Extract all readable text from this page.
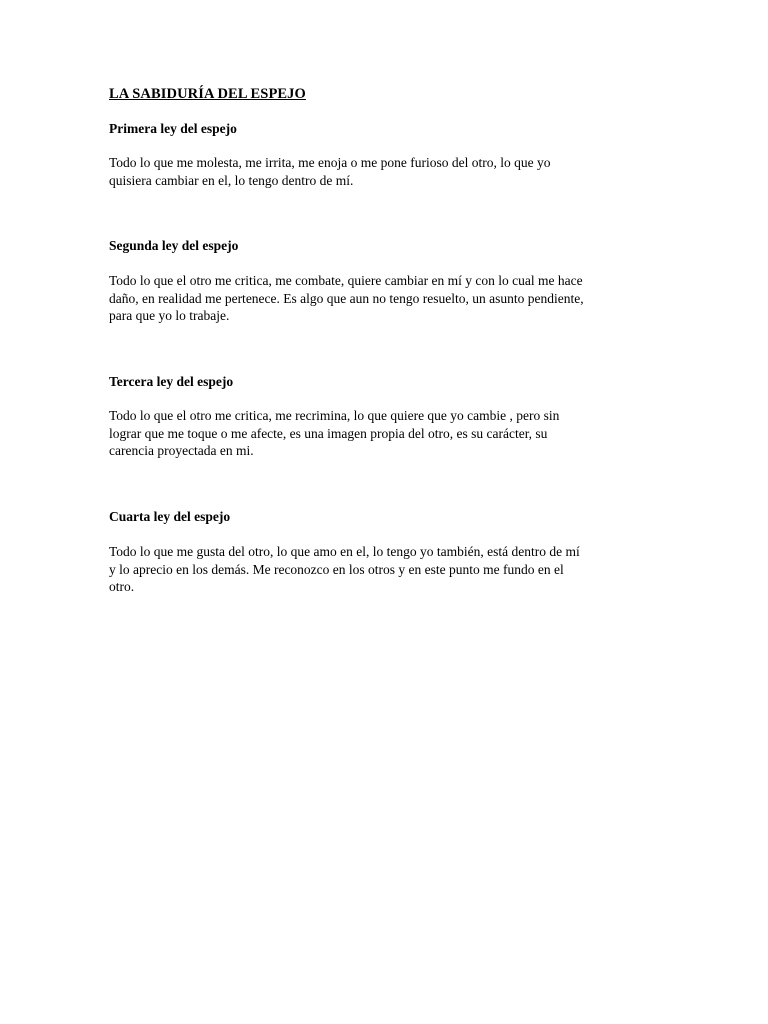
LA SABIDURÍA DEL ESPEJO

Primera ley del espejo

Todo lo que me molesta, me irrita, me enoja o me pone furioso del otro, lo que yo
quisiera cambiar en el, lo tengo dentro de mí.

Segunda ley del espejo

Todo lo que el otro me critica, me combate, quiere cambiar en mí y con lo cual me hace
daño, en realidad me pertenece. Es algo que aun no tengo resuelto, un asunto pendiente,
para que yo lo trabaje.

Tercera ley del espejo

Todo lo que el otro me critica, me recrimina, lo que quiere que yo cambie , pero sin
lograr que me toque o me afecte, es una imagen propia del otro, es su carácter, su
carencia proyectada en mi.

Cuarta ley del espejo

Todo lo que me gusta del otro, lo que amo en el, lo tengo yo también, está dentro de mí
y lo aprecio en los demás. Me reconozco en los otros y en este punto me fundo en el
otro.
